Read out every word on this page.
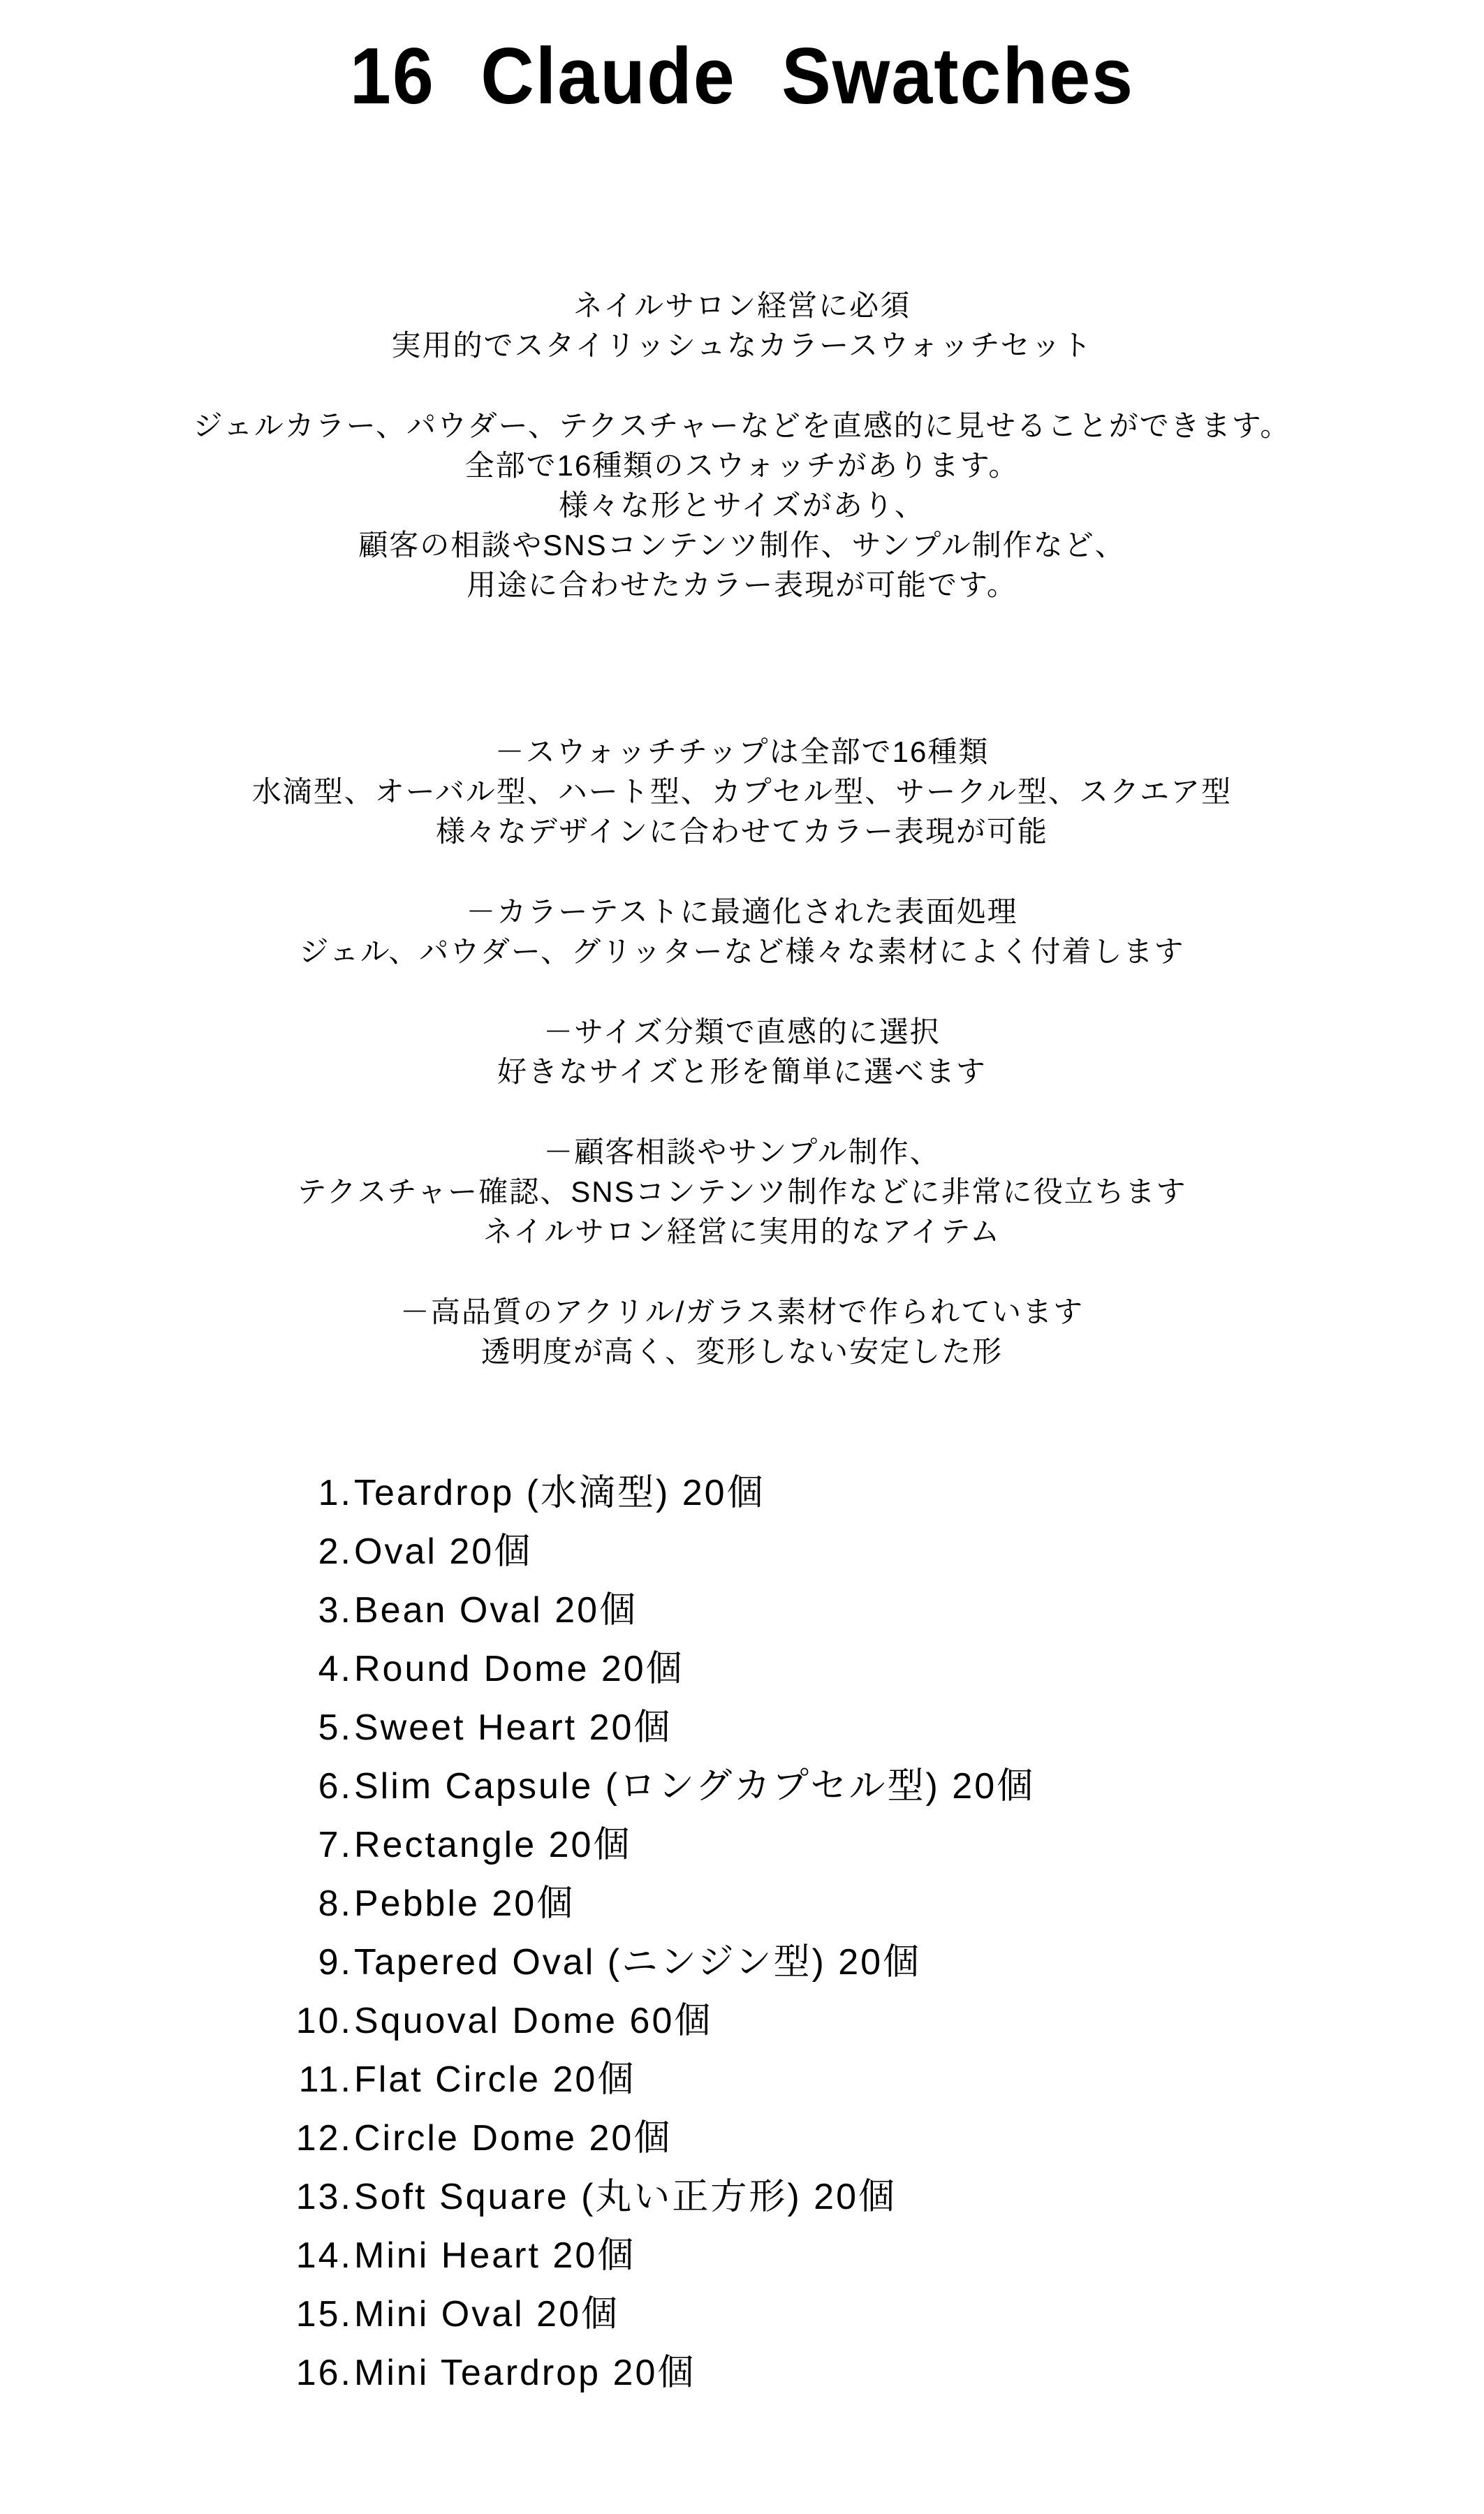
16 Claude Swatches

ネイルサロン経営に必須
実用的でスタイリッシュなカラースウォッチセット

ジェルカラー、パウダー、テクスチャーなどを直感的に見せることができます。
全部で16種類のスウォッチがあります。
様々な形とサイズがあり、
顧客の相談やSNSコンテンツ制作、サンプル制作など、
用途に合わせたカラー表現が可能です。

－スウォッチチップは全部で16種類
水滴型、オーバル型、ハート型、カプセル型、サークル型、スクエア型
様々なデザインに合わせてカラー表現が可能

－カラーテストに最適化された表面処理
ジェル、パウダー、グリッターなど様々な素材によく付着します

－サイズ分類で直感的に選択
好きなサイズと形を簡単に選べます

－顧客相談やサンプル制作、
テクスチャー確認、SNSコンテンツ制作などに非常に役立ちます
ネイルサロン経営に実用的なアイテム

－高品質のアクリル/ガラス素材で作られています
透明度が高く、変形しない安定した形

1. Teardrop (水滴型) 20個
2. Oval 20個
3. Bean Oval 20個
4. Round Dome 20個
5. Sweet Heart 20個
6. Slim Capsule (ロングカプセル型) 20個
7. Rectangle 20個
8. Pebble 20個
9. Tapered Oval (ニンジン型) 20個
10. Squoval Dome 60個
11. Flat Circle 20個
12. Circle Dome 20個
13. Soft Square (丸い正方形) 20個
14. Mini Heart 20個
15. Mini Oval 20個
16. Mini Teardrop 20個
